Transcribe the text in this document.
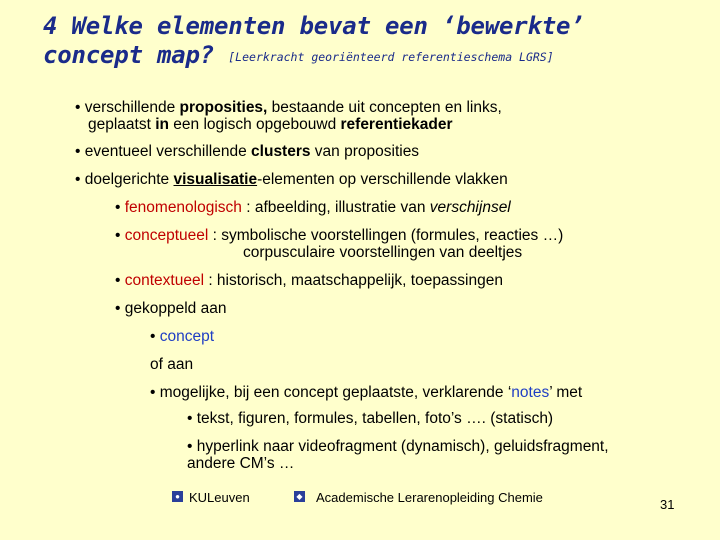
4 Welke elementen bevat een ‘bewerkte’
concept map? [Leerkracht georiënteerd referentieschema LGRS]
• verschillende proposities, bestaande uit concepten en links,
geplaatst in een logisch opgebouwd referentiekader
• eventueel verschillende clusters van proposities
• doelgerichte visualisatie-elementen op verschillende vlakken
• fenomenologisch : afbeelding, illustratie van verschijnsel
• conceptueel : symbolische voorstellingen (formules, reacties …)
corpusculaire voorstellingen van deeltjes
• contextueel : historisch, maatschappelijk, toepassingen
• gekoppeld aan
• concept
of aan
• mogelijke, bij een concept geplaatste, verklarende ‘notes’ met
• tekst, figuren, formules, tabellen, foto’s …. (statisch)
• hyperlink naar videofragment (dynamisch), geluidsfragment,
andere CM’s …
● KULeuven	◆ Academische Lerarenopleiding Chemie	31
